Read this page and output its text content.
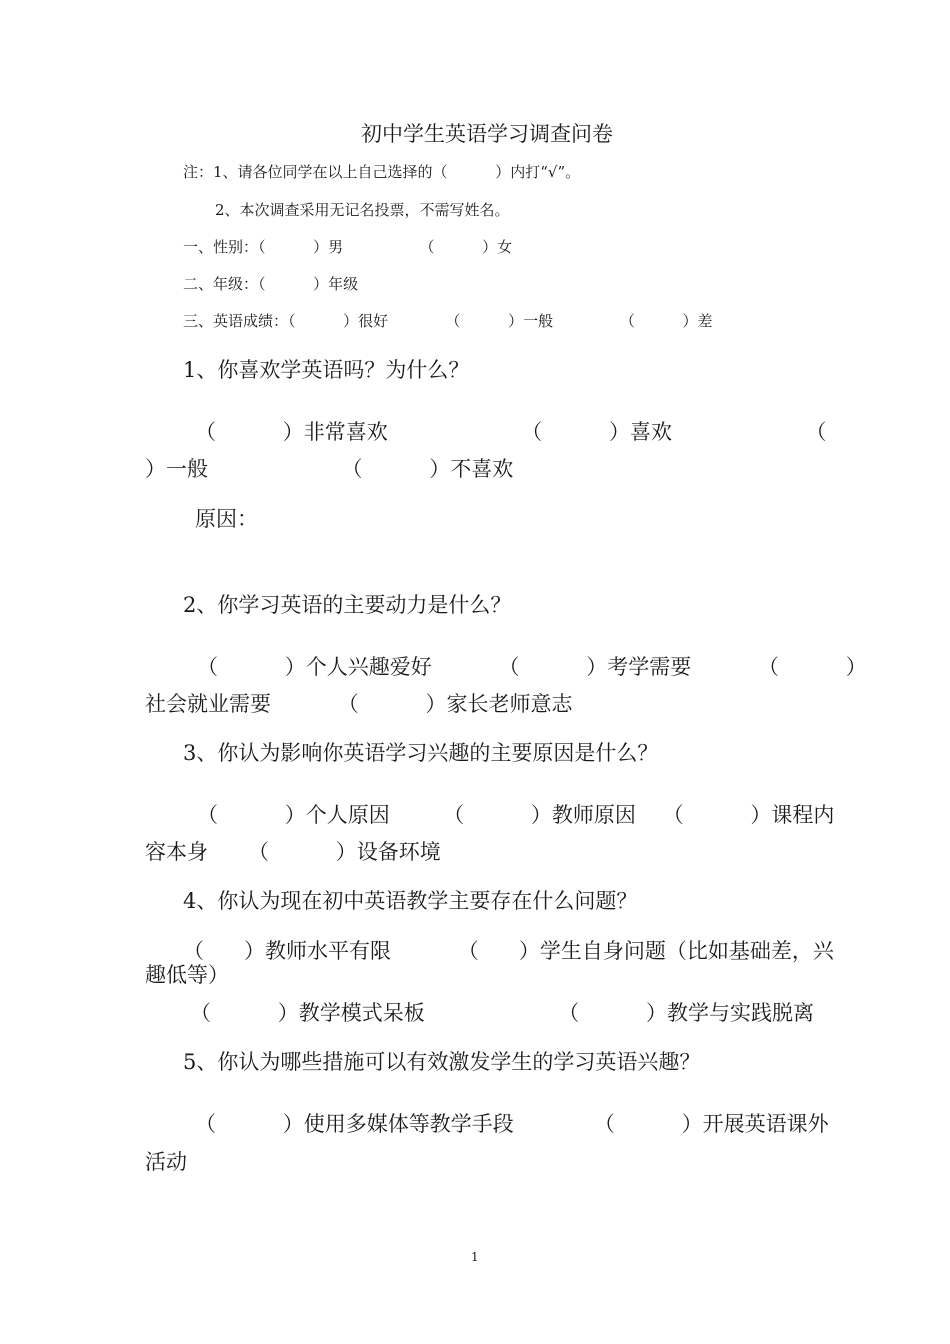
初中学生英语学习调查问卷
注：1、请各位同学在以上自己选择的（          ）内打“√”。
2、本次调查采用无记名投票，不需写姓名。
一、性别：（          ）男                （          ）女
二、年级：（          ）年级
三、英语成绩：（          ）很好            （          ）一般              （          ）差
1、你喜欢学英语吗？为什么？
（          ）非常喜欢                    （          ）喜欢                    （
）一般                    （          ）不喜欢
原因：
2、你学习英语的主要动力是什么？
（          ）个人兴趣爱好          （          ）考学需要          （          ）
社会就业需要          （          ）家长老师意志
3、你认为影响你英语学习兴趣的主要原因是什么？
（          ）个人原因        （          ）教师原因    （          ）课程内
容本身      （          ）设备环境
4、你认为现在初中英语教学主要存在什么问题？
（      ）教师水平有限          （      ）学生自身问题（比如基础差，兴
趣低等）
（          ）教学模式呆板                    （          ）教学与实践脱离
5、你认为哪些措施可以有效激发学生的学习英语兴趣？
（          ）使用多媒体等教学手段            （          ）开展英语课外
活动
1
